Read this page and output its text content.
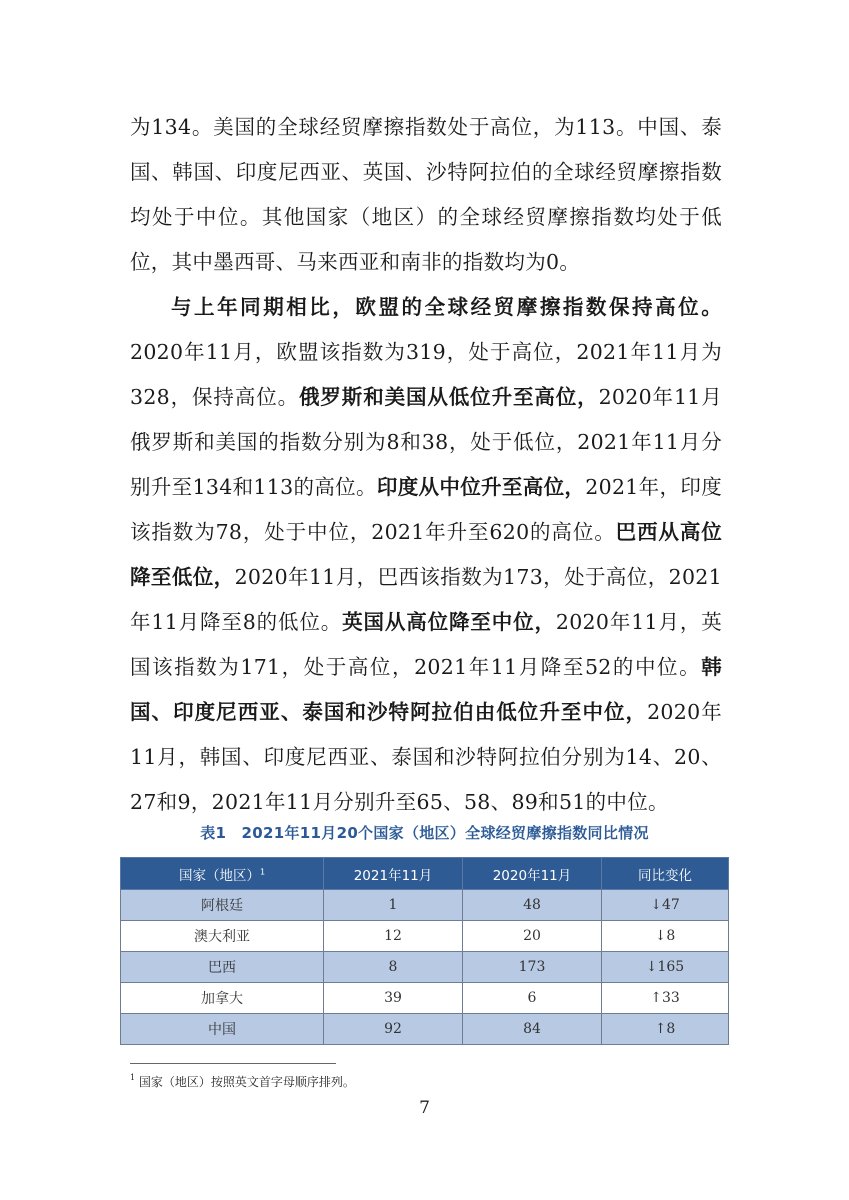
为134。美国的全球经贸摩擦指数处于高位，为113。中国、泰国、韩国、印度尼西亚、英国、沙特阿拉伯的全球经贸摩擦指数均处于中位。其他国家（地区）的全球经贸摩擦指数均处于低位，其中墨西哥、马来西亚和南非的指数均为0。

与上年同期相比，欧盟的全球经贸摩擦指数保持高位。2020年11月，欧盟该指数为319，处于高位，2021年11月为328，保持高位。俄罗斯和美国从低位升至高位，2020年11月俄罗斯和美国的指数分别为8和38，处于低位，2021年11月分别升至134和113的高位。印度从中位升至高位，2021年，印度该指数为78，处于中位，2021年升至620的高位。巴西从高位降至低位，2020年11月，巴西该指数为173，处于高位，2021年11月降至8的低位。英国从高位降至中位，2020年11月，英国该指数为171，处于高位，2021年11月降至52的中位。韩国、印度尼西亚、泰国和沙特阿拉伯由低位升至中位，2020年11月，韩国、印度尼西亚、泰国和沙特阿拉伯分别为14、20、27和9，2021年11月分别升至65、58、89和51的中位。

表1　2021年11月20个国家（地区）全球经贸摩擦指数同比情况
国家（地区）$^1$	2021年11月	2020年11月	同比变化
阿根廷	1	48	↓47
澳大利亚	12	20	↓8
巴西	8	173	↓165
加拿大	39	6	↑33
中国	92	84	↑8
$^1$ 国家（地区）按照英文首字母顺序排列。
7
